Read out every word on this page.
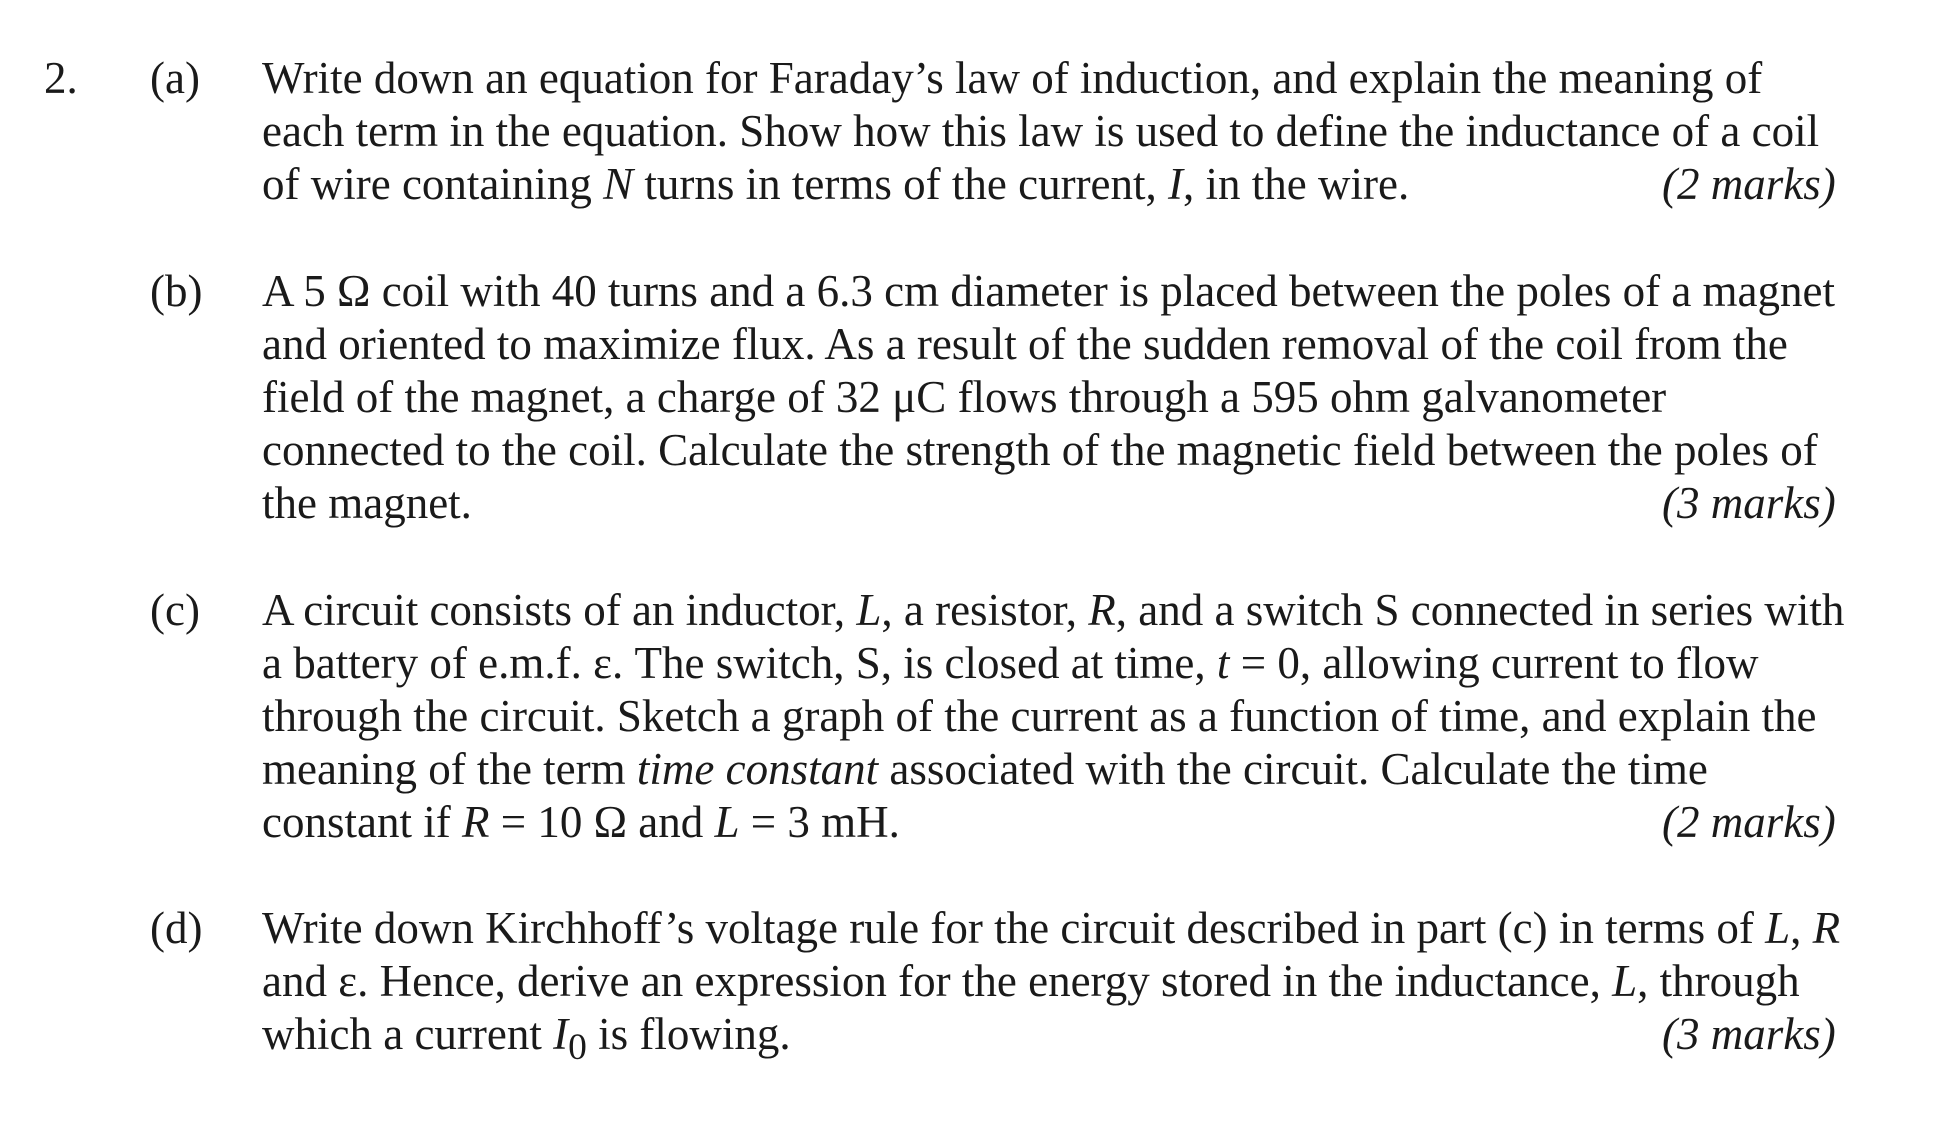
2. (a) Write down an equation for Faraday’s law of induction, and explain the meaning of
each term in the equation. Show how this law is used to define the inductance of a coil
of wire containing N turns in terms of the current, I, in the wire.	(2 marks)
(b) A 5 Ω coil with 40 turns and a 6.3 cm diameter is placed between the poles of a magnet
and oriented to maximize flux. As a result of the sudden removal of the coil from the
field of the magnet, a charge of 32 μC flows through a 595 ohm galvanometer
connected to the coil. Calculate the strength of the magnetic field between the poles of
the magnet.	(3 marks)
(c) A circuit consists of an inductor, L, a resistor, R, and a switch S connected in series with
a battery of e.m.f. ε. The switch, S, is closed at time, t = 0, allowing current to flow
through the circuit. Sketch a graph of the current as a function of time, and explain the
meaning of the term time constant associated with the circuit. Calculate the time
constant if R = 10 Ω and L = 3 mH.	(2 marks)
(d) Write down Kirchhoff’s voltage rule for the circuit described in part (c) in terms of L, R
and ε. Hence, derive an expression for the energy stored in the inductance, L, through
which a current $I_0$ is flowing.	(3 marks)
